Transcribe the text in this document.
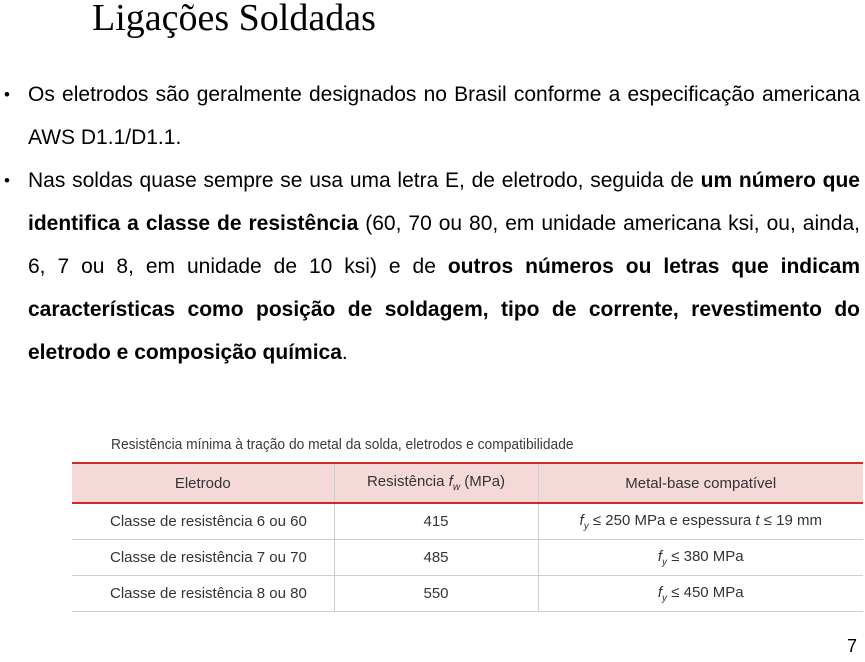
Ligações Soldadas
• Os eletrodos são geralmente designados no Brasil conforme a especificação americana AWS D1.1/D1.1.
• Nas soldas quase sempre se usa uma letra E, de eletrodo, seguida de um número que identifica a classe de resistência (60, 70 ou 80, em unidade americana ksi, ou, ainda, 6, 7 ou 8, em unidade de 10 ksi) e de outros números ou letras que indicam características como posição de soldagem, tipo de corrente, revestimento do eletrodo e composição química.
Resistência mínima à tração do metal da solda, eletrodos e compatibilidade
Eletrodo	Resistência $f_w$ (MPa)	Metal-base compatível
Classe de resistência 6 ou 60	415	$f_y \le 250$ MPa e espessura t ≤ 19 mm
Classe de resistência 7 ou 70	485	$f_y \le 380$ MPa
Classe de resistência 8 ou 80	550	$f_y \le 450$ MPa
7
